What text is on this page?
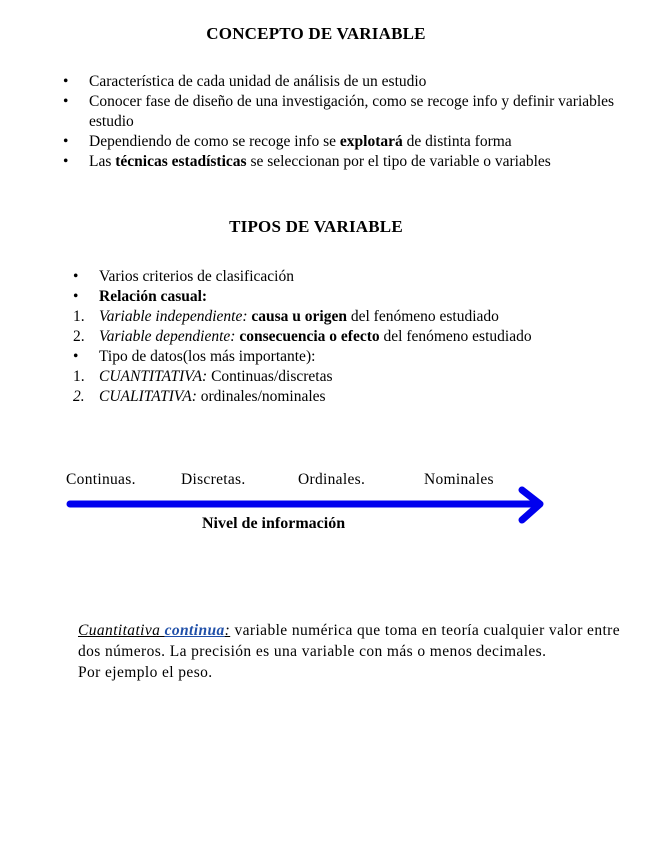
CONCEPTO DE VARIABLE
•	Característica de cada unidad de análisis de un estudio
•	Conocer fase de diseño de una investigación, como se recoge info y definir variables estudio
•	Dependiendo de como se recoge info se explotará de distinta forma
•	Las técnicas estadísticas se seleccionan por el tipo de variable o variables
TIPOS DE VARIABLE
•	Varios criterios de clasificación
•	Relación casual:
1. Variable independiente: causa u origen del fenómeno estudiado
2. Variable dependiente: consecuencia o efecto del fenómeno estudiado
•	Tipo de datos(los más importante):
1. CUANTITATIVA: Continuas/discretas
2. CUALITATIVA: ordinales/nominales
Continuas.	Discretas.	Ordinales.	Nominales
Nivel de información
Cuantitativa continua: variable numérica que toma en teoría cualquier valor entre dos números. La precisión es una variable con más o menos decimales.
Por ejemplo el peso.
